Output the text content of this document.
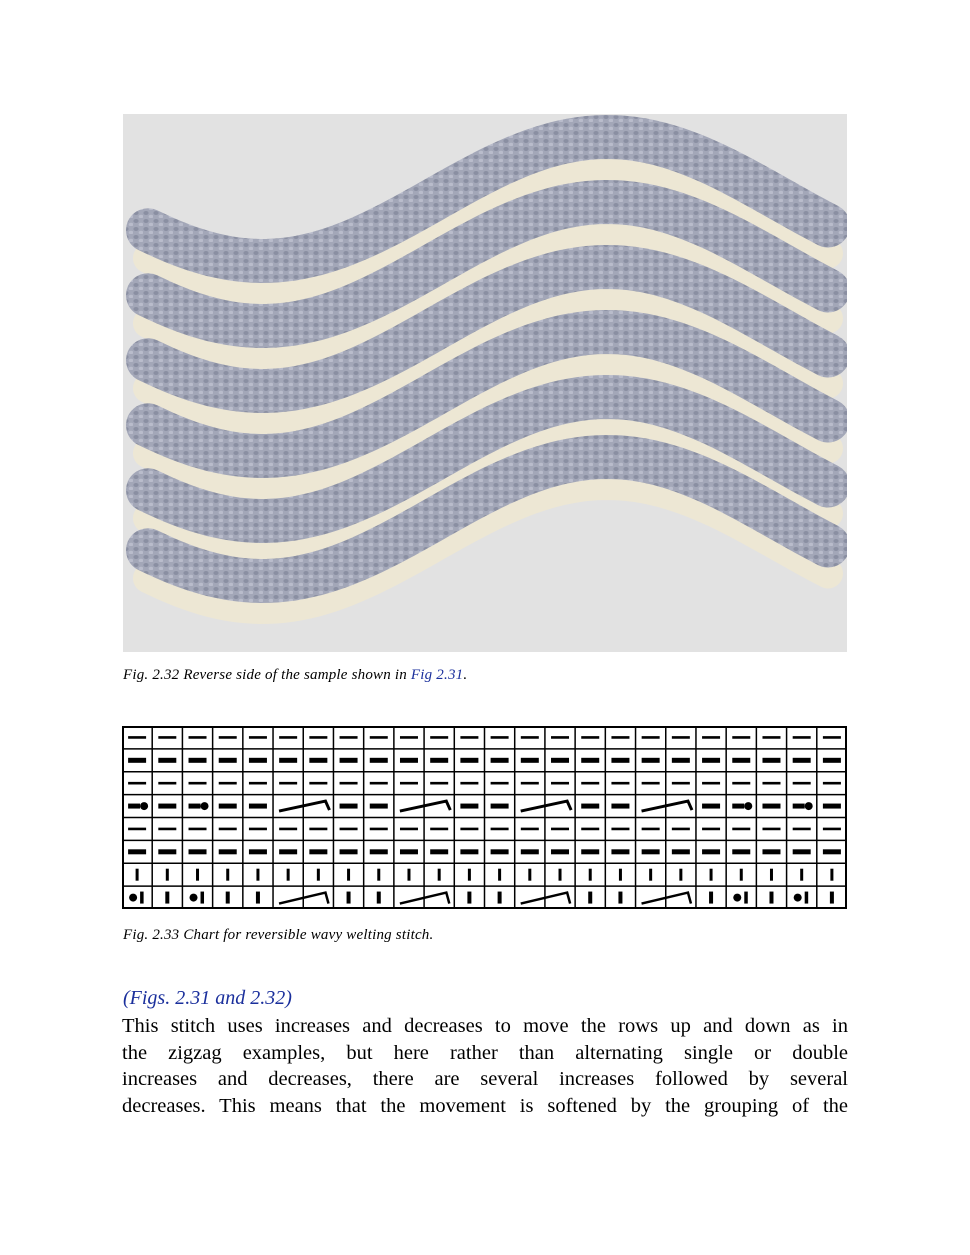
Fig. 2.32 Reverse side of the sample shown in Fig 2.31.
Fig. 2.33 Chart for reversible wavy welting stitch.
(Figs. 2.31 and 2.32)

This stitch uses increases and decreases to move the rows up and down as in

the zigzag examples, but here rather than alternating single or double

increases and decreases, there are several increases followed by several

decreases. This means that the movement is softened by the grouping of the
